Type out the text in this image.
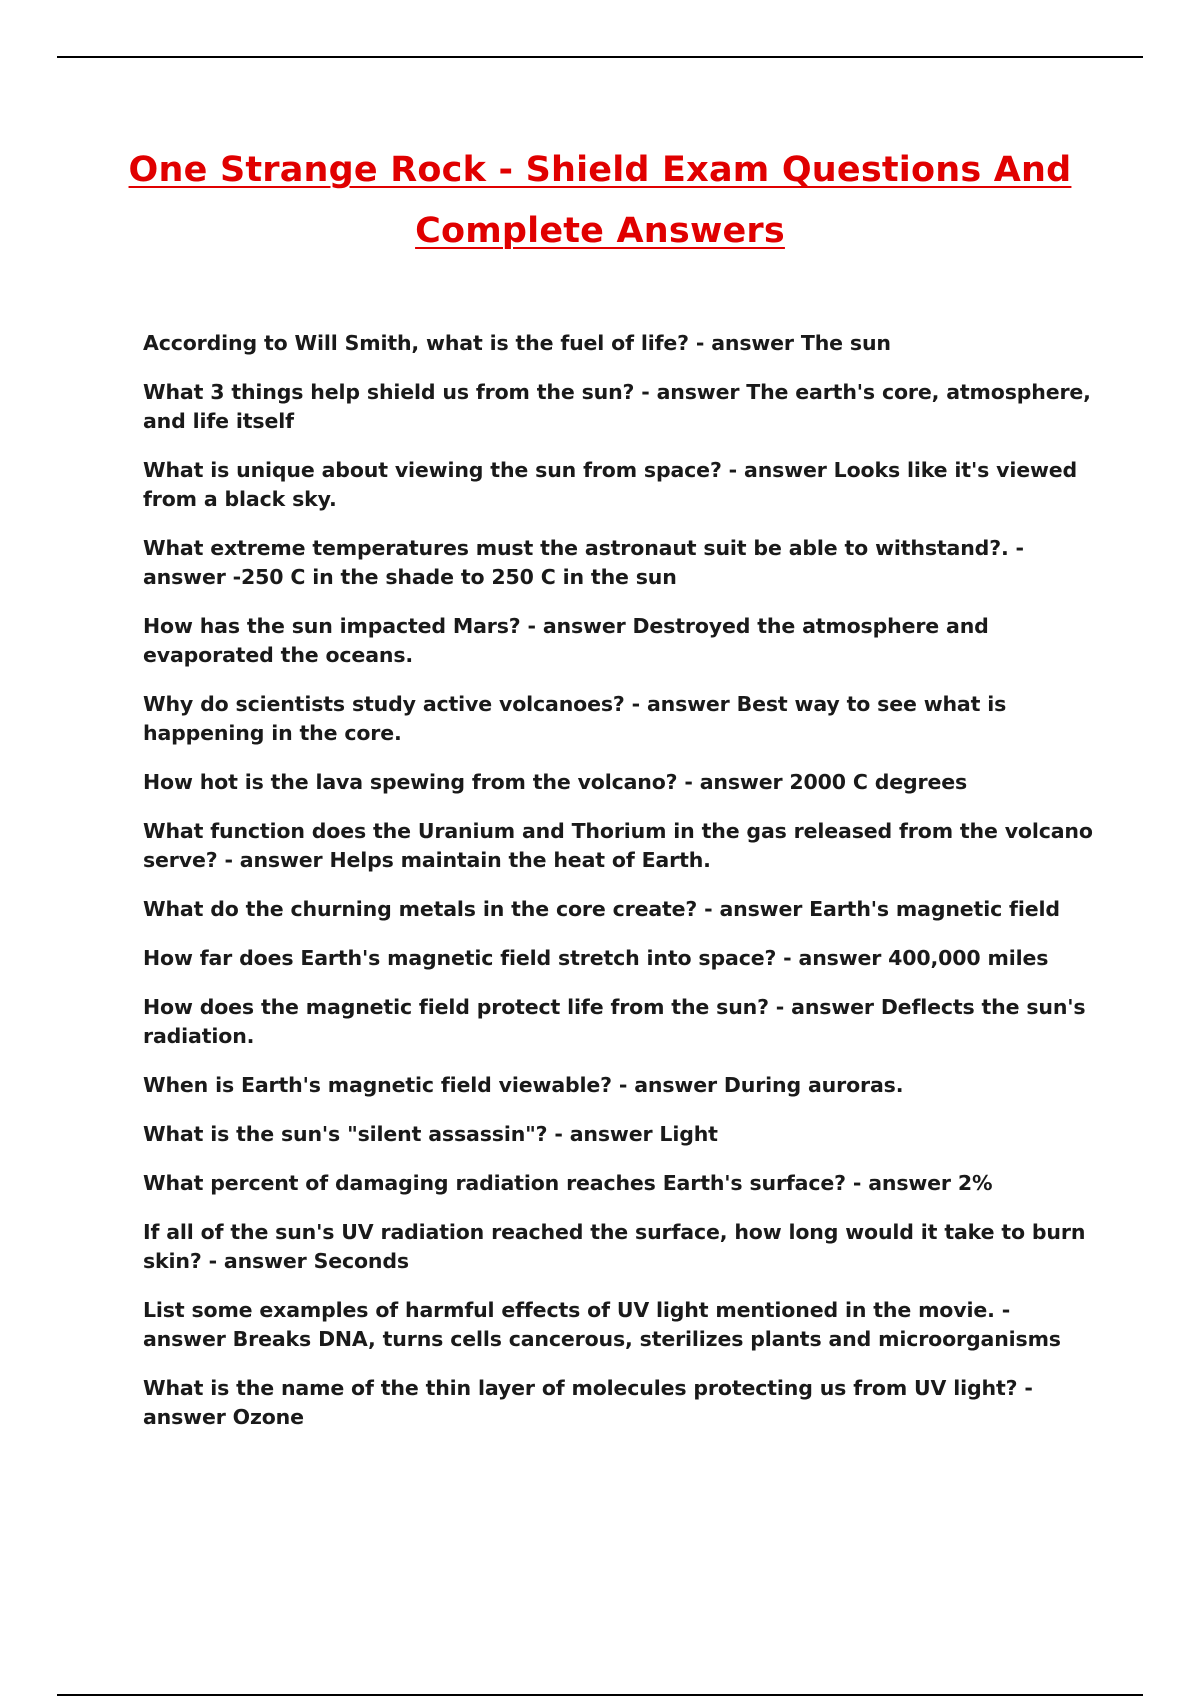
One Strange Rock - Shield Exam Questions And Complete Answers
According to Will Smith, what is the fuel of life? - answer The sun
What 3 things help shield us from the sun? - answer The earth's core, atmosphere, and life itself
What is unique about viewing the sun from space? - answer Looks like it's viewed from a black sky.
What extreme temperatures must the astronaut suit be able to withstand?. - answer -250 C in the shade to 250 C in the sun
How has the sun impacted Mars? - answer Destroyed the atmosphere and evaporated the oceans.
Why do scientists study active volcanoes? - answer Best way to see what is happening in the core.
How hot is the lava spewing from the volcano? - answer 2000 C degrees
What function does the Uranium and Thorium in the gas released from the volcano serve? - answer Helps maintain the heat of Earth.
What do the churning metals in the core create? - answer Earth's magnetic field
How far does Earth's magnetic field stretch into space? - answer 400,000 miles
How does the magnetic field protect life from the sun? - answer Deflects the sun's radiation.
When is Earth's magnetic field viewable? - answer During auroras.
What is the sun's "silent assassin"? - answer Light
What percent of damaging radiation reaches Earth's surface? - answer 2%
If all of the sun's UV radiation reached the surface, how long would it take to burn skin? - answer Seconds
List some examples of harmful effects of UV light mentioned in the movie. - answer Breaks DNA, turns cells cancerous, sterilizes plants and microorganisms
What is the name of the thin layer of molecules protecting us from UV light? - answer Ozone
